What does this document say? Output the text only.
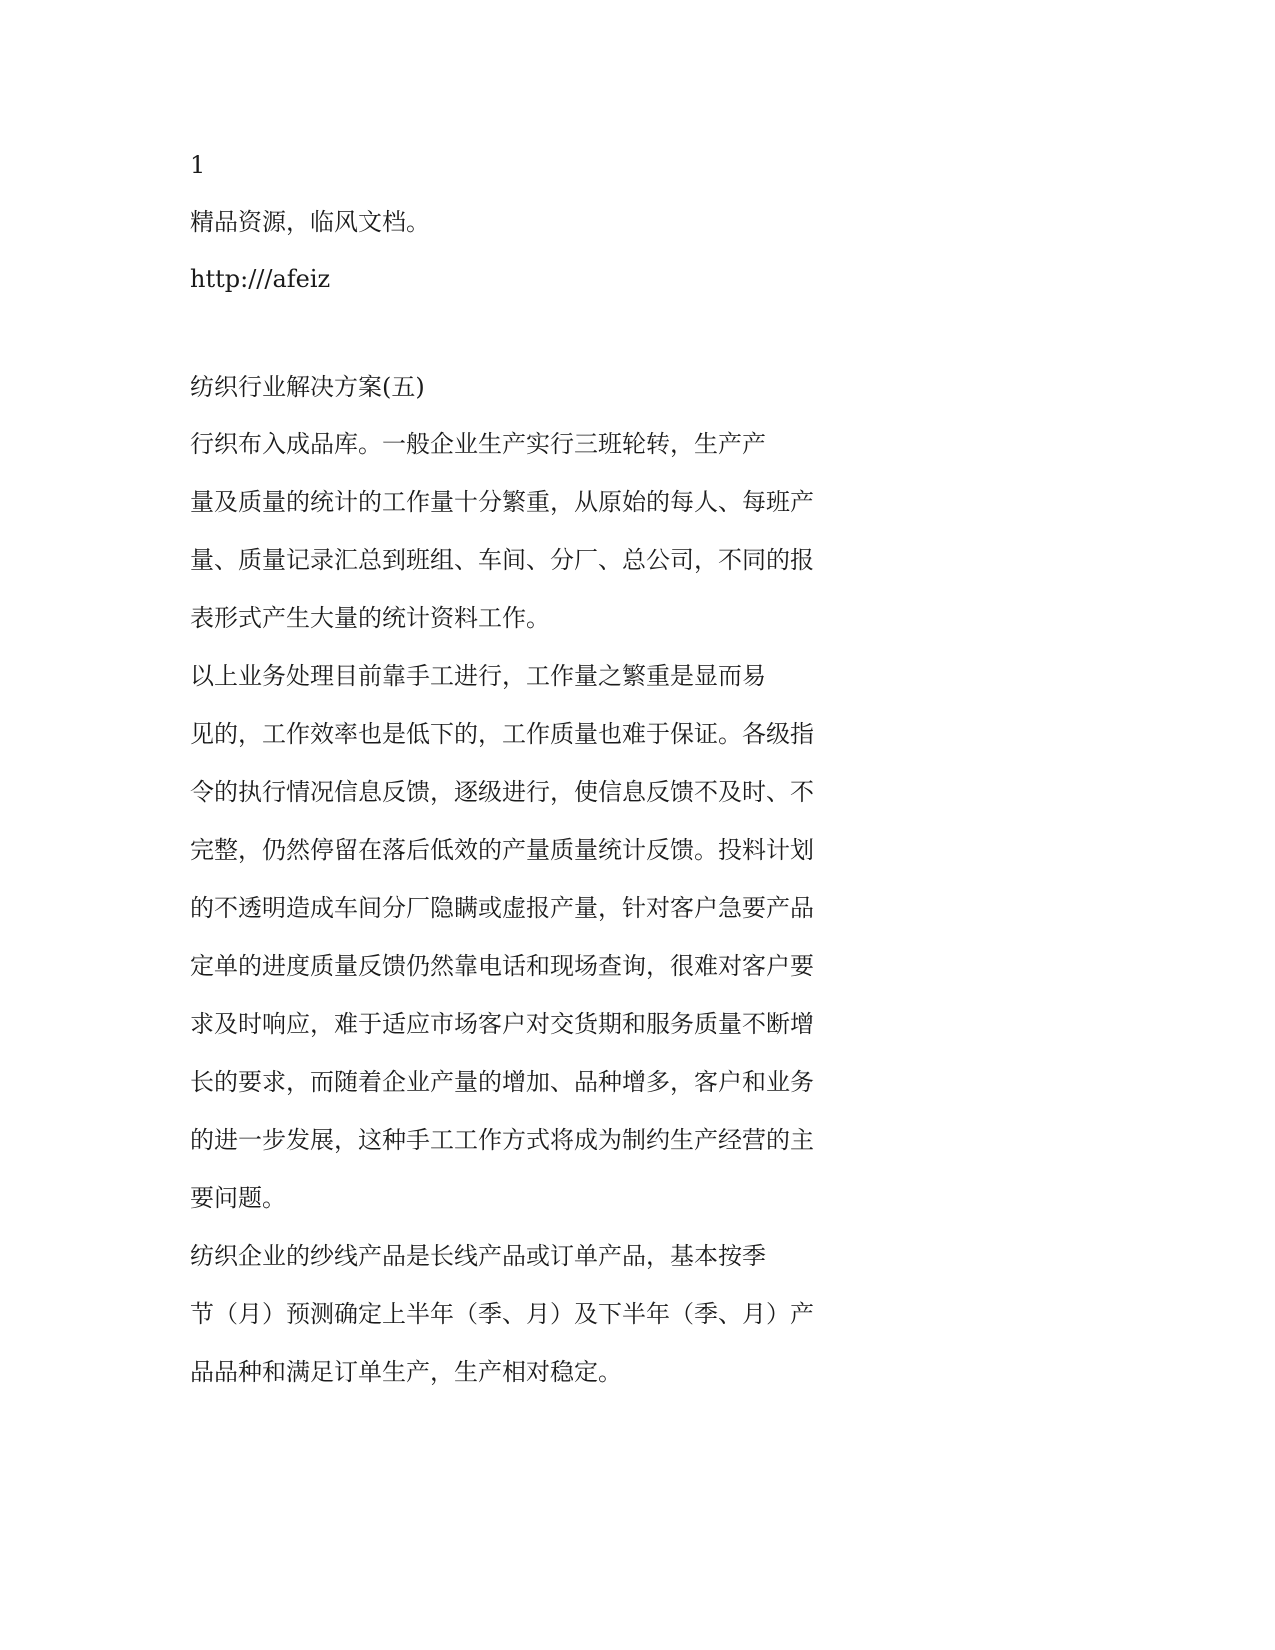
1
精品资源，临风文档。
http:///afeiz
纺织行业解决方案(五)
行织布入成品库。一般企业生产实行三班轮转，生产产
量及质量的统计的工作量十分繁重，从原始的每人、每班产
量、质量记录汇总到班组、车间、分厂、总公司，不同的报
表形式产生大量的统计资料工作。
以上业务处理目前靠手工进行，工作量之繁重是显而易
见的，工作效率也是低下的，工作质量也难于保证。各级指
令的执行情况信息反馈，逐级进行，使信息反馈不及时、不
完整，仍然停留在落后低效的产量质量统计反馈。投料计划
的不透明造成车间分厂隐瞒或虚报产量，针对客户急要产品
定单的进度质量反馈仍然靠电话和现场查询，很难对客户要
求及时响应，难于适应市场客户对交货期和服务质量不断增
长的要求，而随着企业产量的增加、品种增多，客户和业务
的进一步发展，这种手工工作方式将成为制约生产经营的主
要问题。
纺织企业的纱线产品是长线产品或订单产品，基本按季
节（月）预测确定上半年（季、月）及下半年（季、月）产
品品种和满足订单生产，生产相对稳定。
